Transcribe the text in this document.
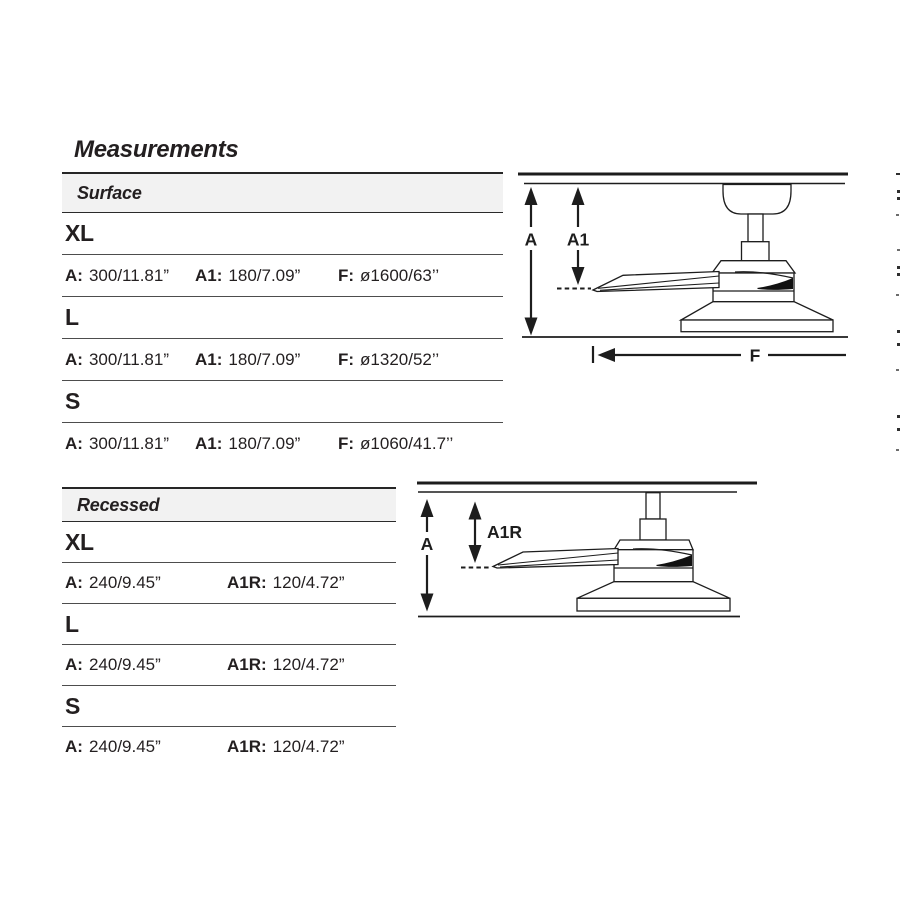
Measurements
Surface
XL
A: 300/11.81” A1: 180/7.09” F: ø1600/63’’
L
A: 300/11.81” A1: 180/7.09” F: ø1320/52’’
S
A: 300/11.81” A1: 180/7.09” F: ø1060/41.7’’
Recessed
XL
A: 240/9.45”	A1R: 120/4.72”
L
A: 240/9.45”	A1R: 120/4.72”
S
A: 240/9.45”	A1R: 120/4.72”
A A1
F
A
A1R
